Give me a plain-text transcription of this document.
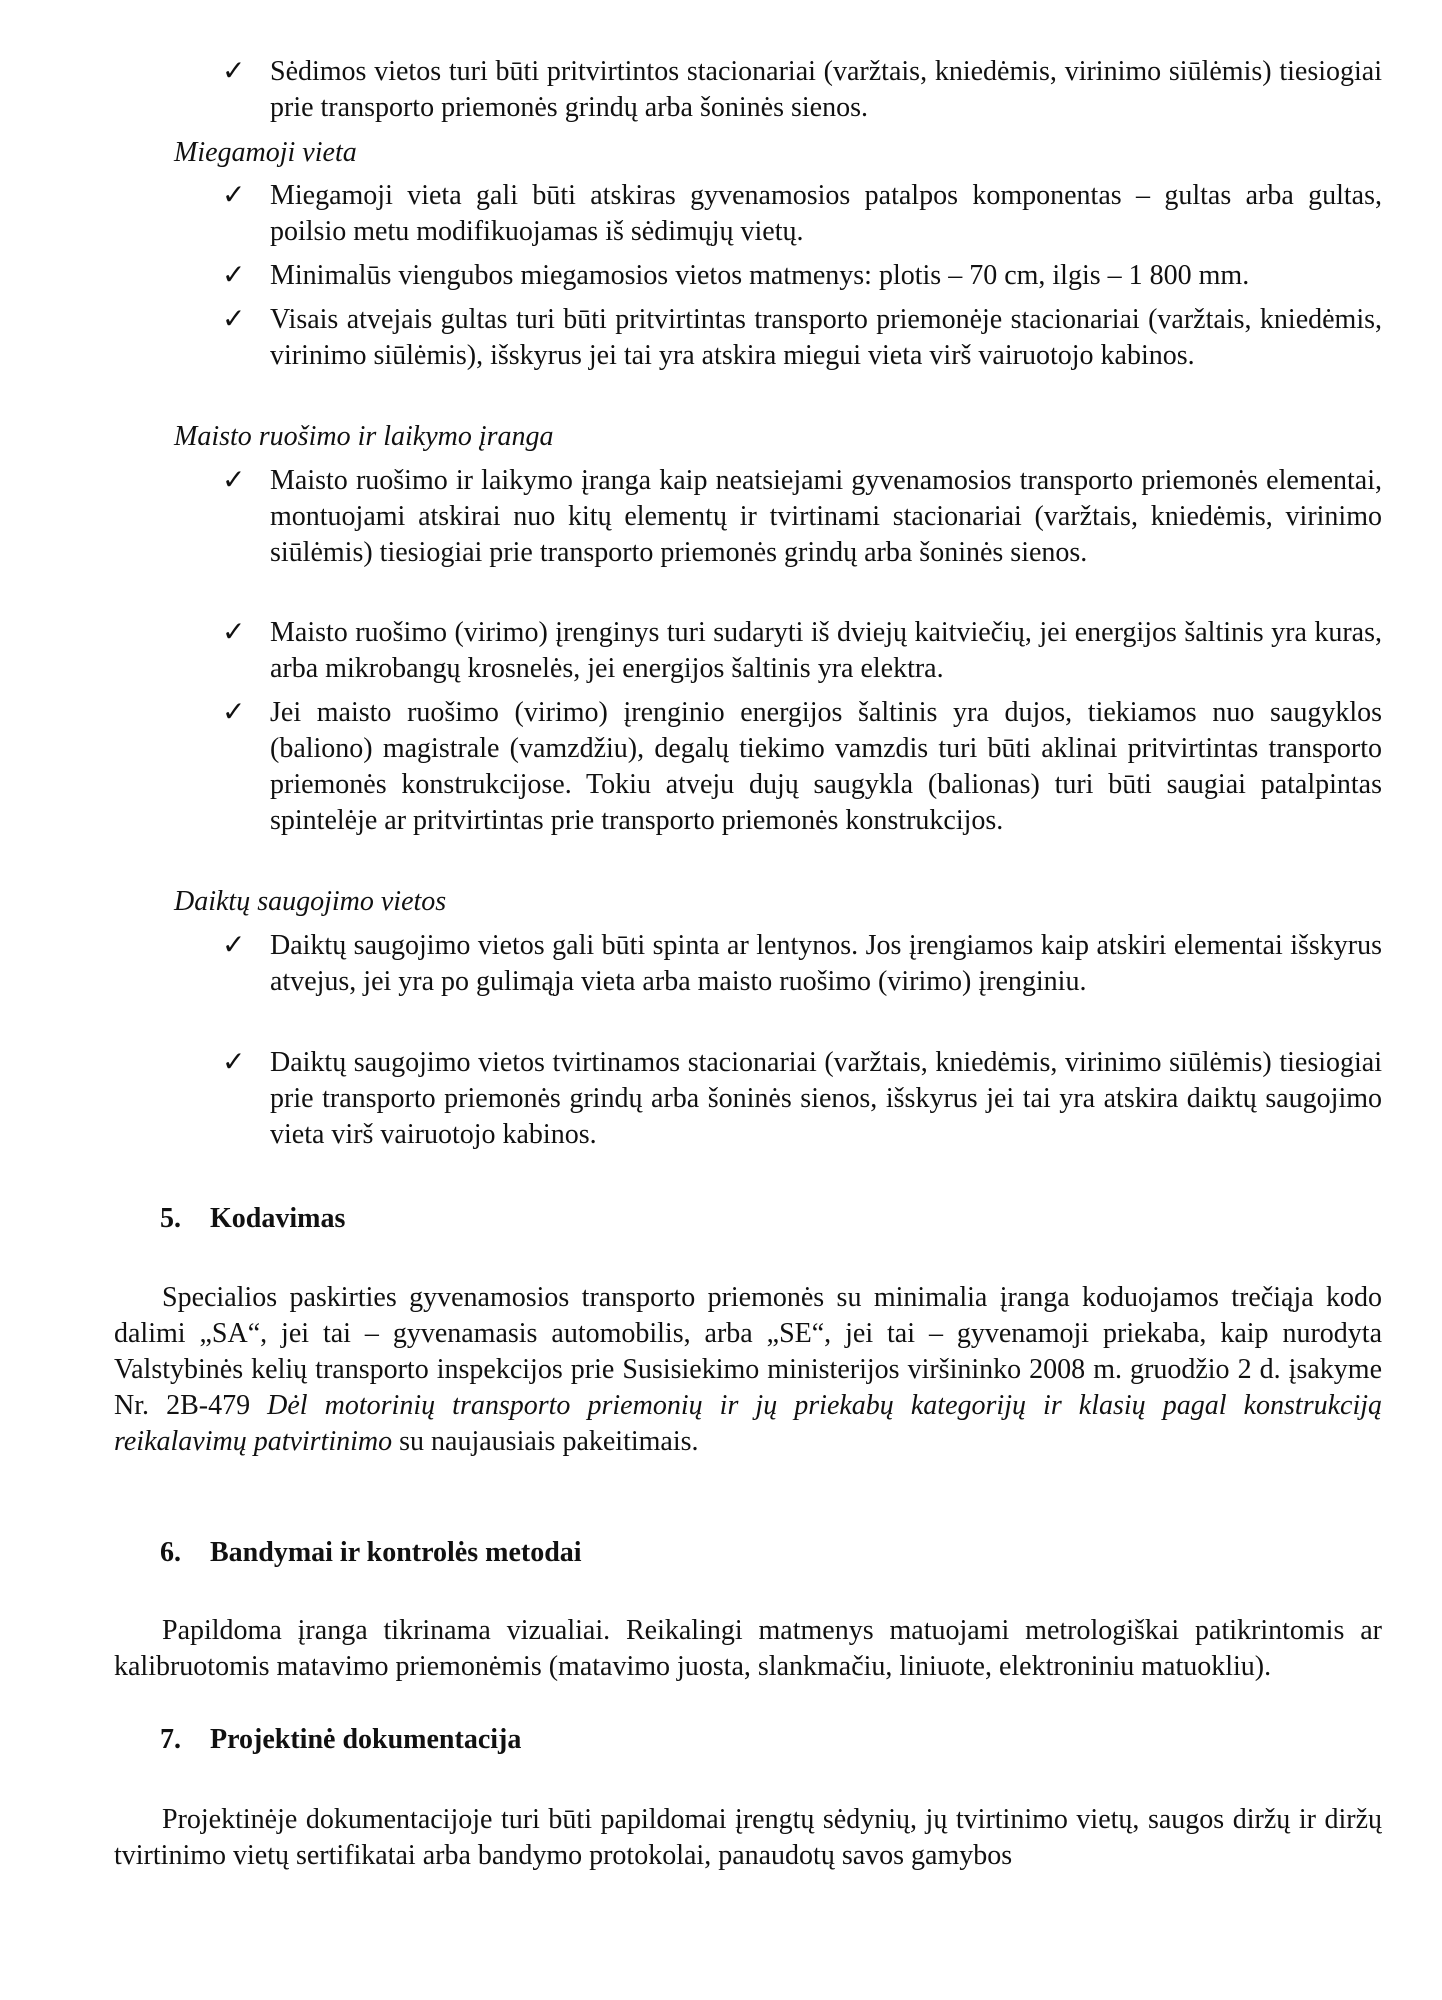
✓ Sėdimos vietos turi būti pritvirtintos stacionariai (varžtais, kniedėmis, virinimo siūlėmis) tiesiogiai prie transporto priemonės grindų arba šoninės sienos.
Miegamoji vieta
✓ Miegamoji vieta gali būti atskiras gyvenamosios patalpos komponentas – gultas arba gultas, poilsio metu modifikuojamas iš sėdimųjų vietų.
✓ Minimalūs viengubos miegamosios vietos matmenys: plotis – 70 cm, ilgis – 1 800 mm.
✓ Visais atvejais gultas turi būti pritvirtintas transporto priemonėje stacionariai (varžtais, kniedėmis, virinimo siūlėmis), išskyrus jei tai yra atskira miegui vieta virš vairuotojo kabinos.
Maisto ruošimo ir laikymo įranga
✓ Maisto ruošimo ir laikymo įranga kaip neatsiejami gyvenamosios transporto priemonės elementai, montuojami atskirai nuo kitų elementų ir tvirtinami stacionariai (varžtais, kniedėmis, virinimo siūlėmis) tiesiogiai prie transporto priemonės grindų arba šoninės sienos.
✓ Maisto ruošimo (virimo) įrenginys turi sudaryti iš dviejų kaitviečių, jei energijos šaltinis yra kuras, arba mikrobangų krosnelės, jei energijos šaltinis yra elektra.
✓ Jei maisto ruošimo (virimo) įrenginio energijos šaltinis yra dujos, tiekiamos nuo saugyklos (baliono) magistrale (vamzdžiu), degalų tiekimo vamzdis turi būti aklinai pritvirtintas transporto priemonės konstrukcijose. Tokiu atveju dujų saugykla (balionas) turi būti saugiai patalpintas spintelėje ar pritvirtintas prie transporto priemonės konstrukcijos.
Daiktų saugojimo vietos
✓ Daiktų saugojimo vietos gali būti spinta ar lentynos. Jos įrengiamos kaip atskiri elementai išskyrus atvejus, jei yra po gulimąja vieta arba maisto ruošimo (virimo) įrenginiu.
✓ Daiktų saugojimo vietos tvirtinamos stacionariai (varžtais, kniedėmis, virinimo siūlėmis) tiesiogiai prie transporto priemonės grindų arba šoninės sienos, išskyrus jei tai yra atskira daiktų saugojimo vieta virš vairuotojo kabinos.
5. Kodavimas
Specialios paskirties gyvenamosios transporto priemonės su minimalia įranga koduojamos trečiąja kodo dalimi „SA“, jei tai – gyvenamasis automobilis, arba „SE“, jei tai – gyvenamoji priekaba, kaip nurodyta Valstybinės kelių transporto inspekcijos prie Susisiekimo ministerijos viršininko 2008 m. gruodžio 2 d. įsakyme Nr. 2B-479 Dėl motorinių transporto priemonių ir jų priekabų kategorijų ir klasių pagal konstrukciją reikalavimų patvirtinimo su naujausiais pakeitimais.
6. Bandymai ir kontrolės metodai
Papildoma įranga tikrinama vizualiai. Reikalingi matmenys matuojami metrologiškai patikrintomis ar kalibruotomis matavimo priemonėmis (matavimo juosta, slankmačiu, liniuote, elektroniniu matuokliu).
7. Projektinė dokumentacija
Projektinėje dokumentacijoje turi būti papildomai įrengtų sėdynių, jų tvirtinimo vietų, saugos diržų ir diržų tvirtinimo vietų sertifikatai arba bandymo protokolai, panaudotų savos gamybos
